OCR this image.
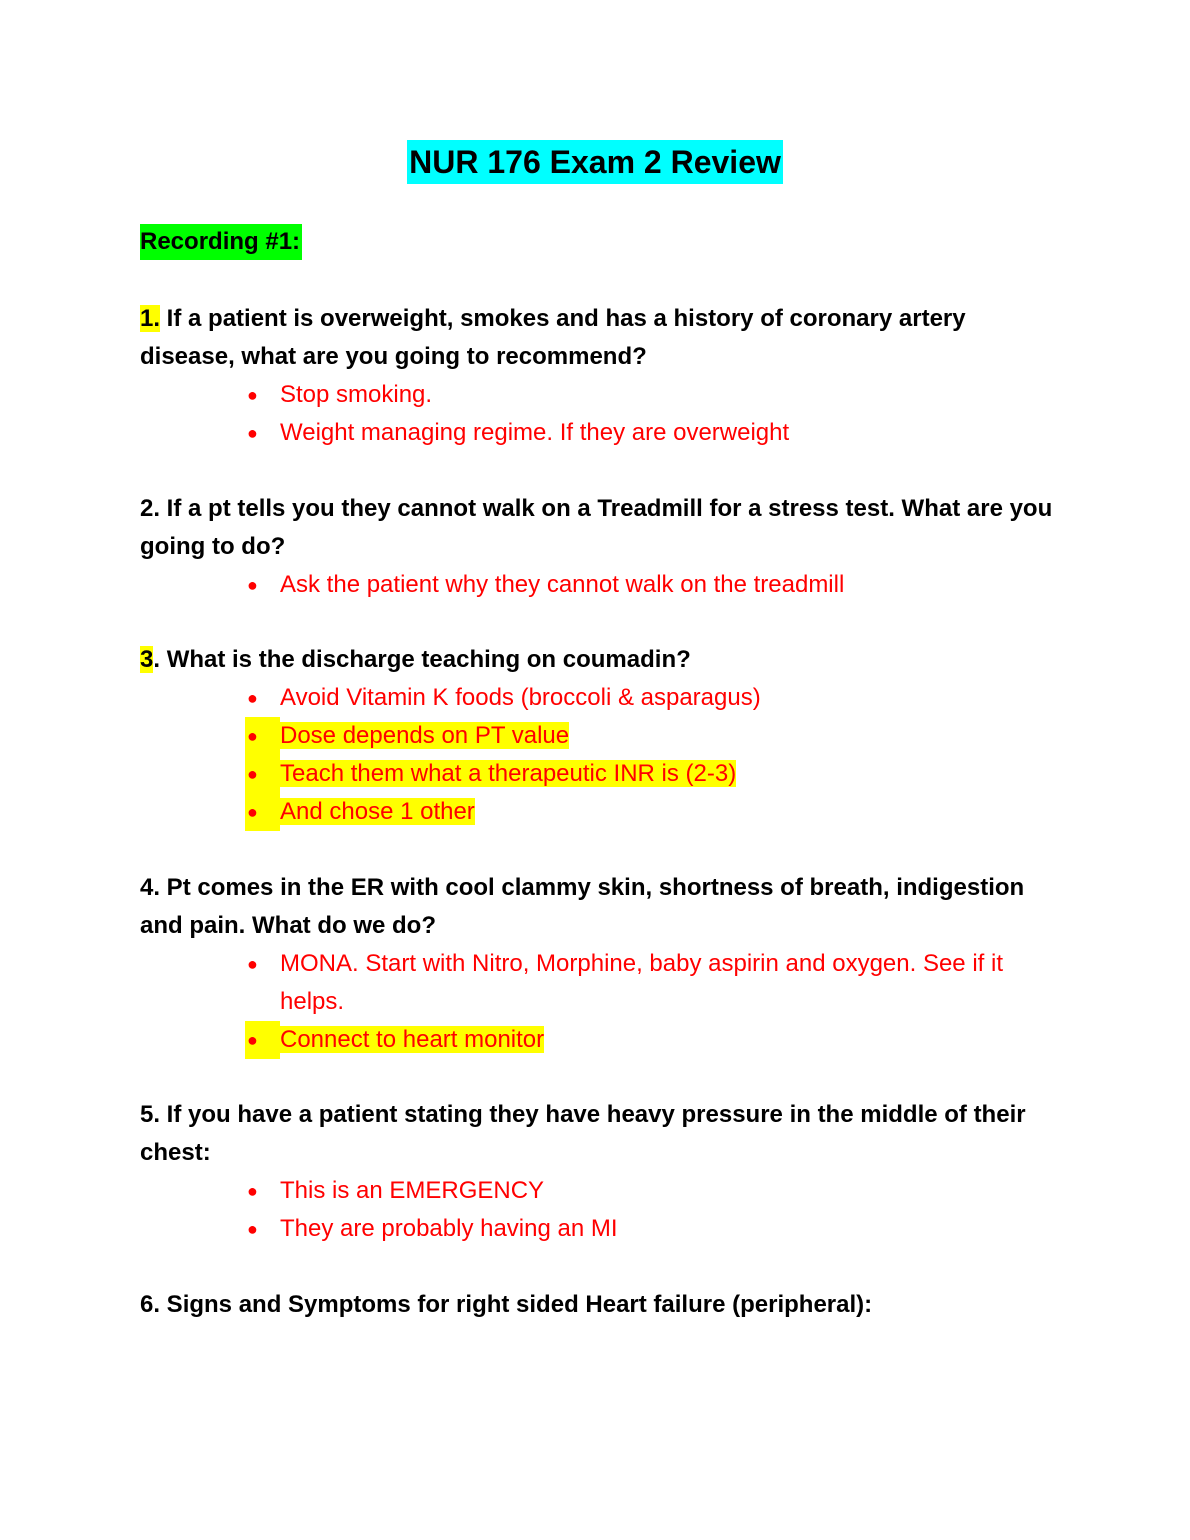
NUR 176 Exam 2 Review
Recording #1:
1. If a patient is overweight, smokes and has a history of coronary artery disease, what are you going to recommend?
● Stop smoking.
● Weight managing regime. If they are overweight
2. If a pt tells you they cannot walk on a Treadmill for a stress test. What are you going to do?
● Ask the patient why they cannot walk on the treadmill
3. What is the discharge teaching on coumadin?
● Avoid Vitamin K foods (broccoli & asparagus)
● Dose depends on PT value
● Teach them what a therapeutic INR is (2-3)
● And chose 1 other
4. Pt comes in the ER with cool clammy skin, shortness of breath, indigestion and pain. What do we do?
● MONA. Start with Nitro, Morphine, baby aspirin and oxygen. See if it helps.
● Connect to heart monitor
5. If you have a patient stating they have heavy pressure in the middle of their chest:
● This is an EMERGENCY
● They are probably having an MI
6. Signs and Symptoms for right sided Heart failure (peripheral):
